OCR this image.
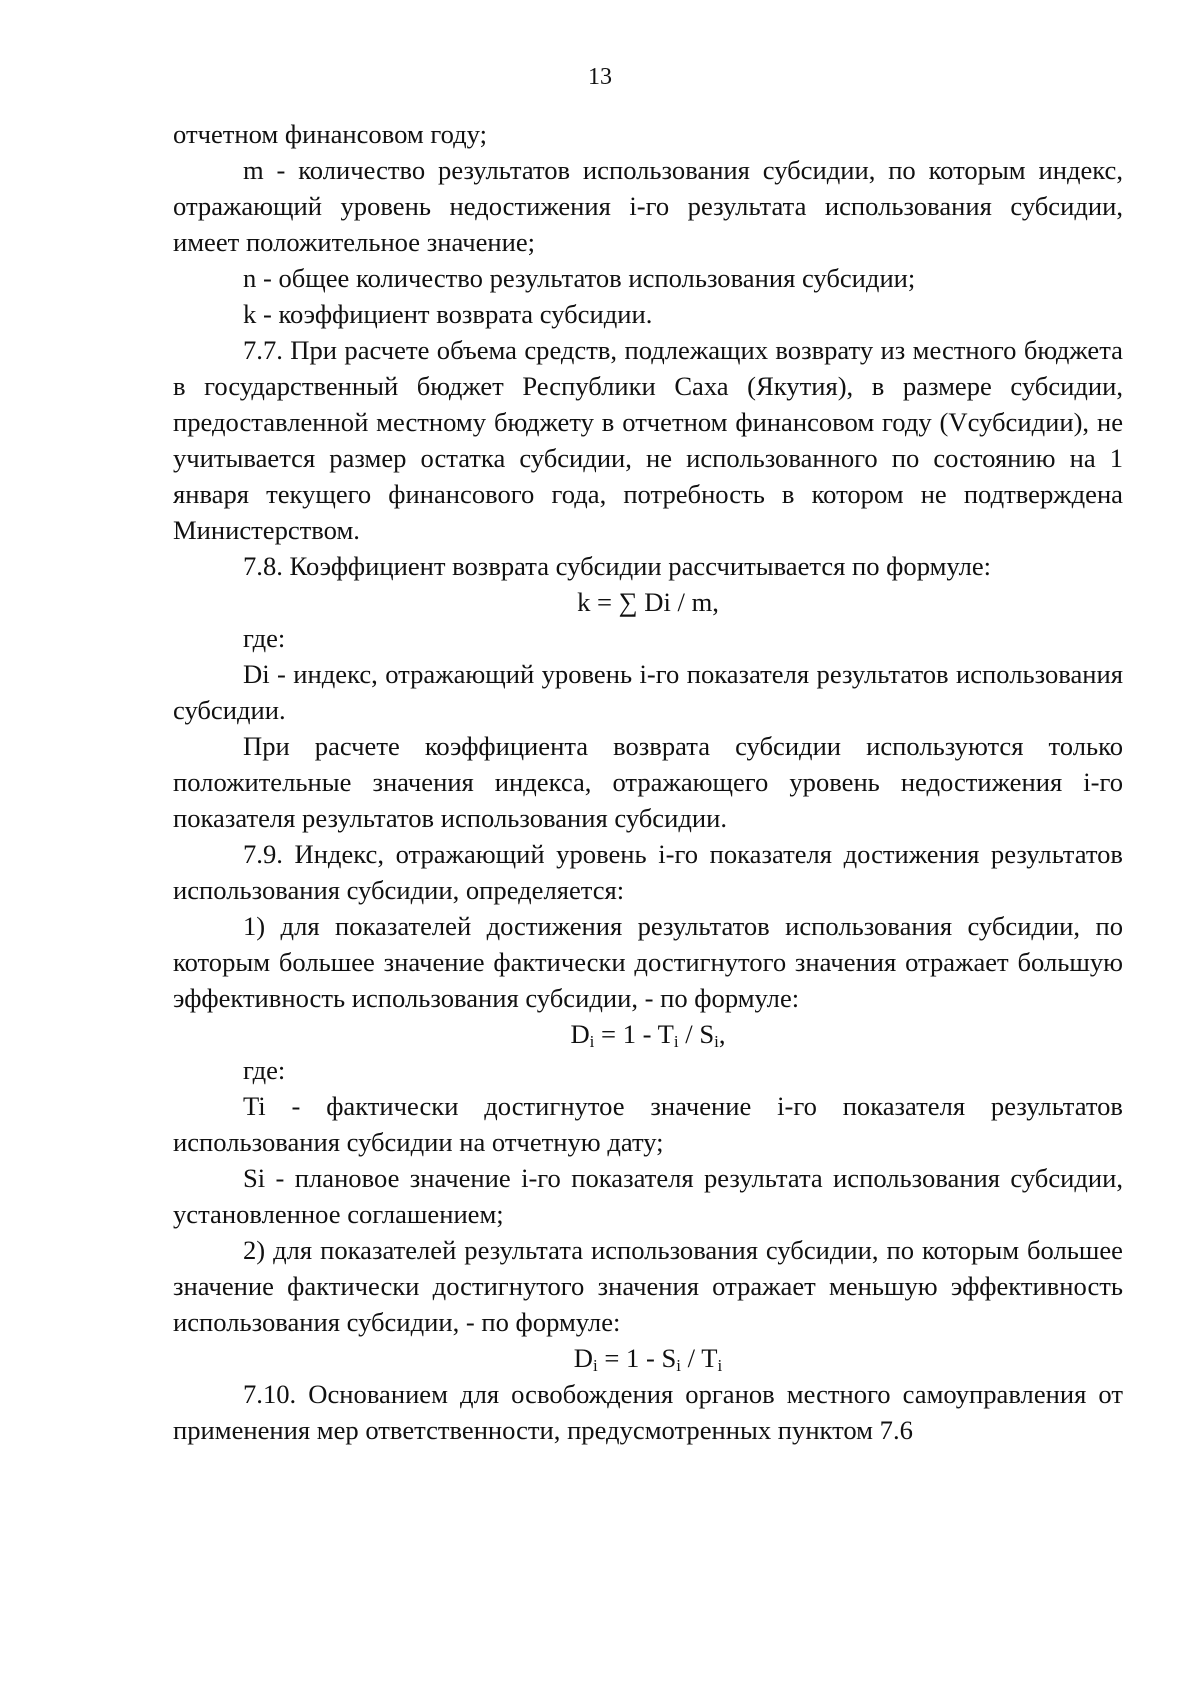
13

отчетном финансовом году;

m - количество результатов использования субсидии, по которым индекс, отражающий уровень недостижения i-го результата использования субсидии, имеет положительное значение;

n - общее количество результатов использования субсидии;

k - коэффициент возврата субсидии.

7.7. При расчете объема средств, подлежащих возврату из местного бюджета в государственный бюджет Республики Саха (Якутия), в размере субсидии, предоставленной местному бюджету в отчетном финансовом году (Vсубсидии), не учитывается размер остатка субсидии, не использованного по состоянию на 1 января текущего финансового года, потребность в котором не подтверждена Министерством.

7.8. Коэффициент возврата субсидии рассчитывается по формуле:

k = ∑ Di / m,

где:

Di - индекс, отражающий уровень i-го показателя результатов использования субсидии.

При расчете коэффициента возврата субсидии используются только положительные значения индекса, отражающего уровень недостижения i-го показателя результатов использования субсидии.

7.9. Индекс, отражающий уровень i-го показателя достижения результатов использования субсидии, определяется:

1) для показателей достижения результатов использования субсидии, по которым большее значение фактически достигнутого значения отражает большую эффективность использования субсидии, - по формуле:

$D_i = 1 - T_i / S_i$,

где:

Ti - фактически достигнутое значение i-го показателя результатов использования субсидии на отчетную дату;

Si - плановое значение i-го показателя результата использования субсидии, установленное соглашением;

2) для показателей результата использования субсидии, по которым большее значение фактически достигнутого значения отражает меньшую эффективность использования субсидии, - по формуле:

$D_i = 1 - S_i / T_i$

7.10. Основанием для освобождения органов местного самоуправления от применения мер ответственности, предусмотренных пунктом 7.6
